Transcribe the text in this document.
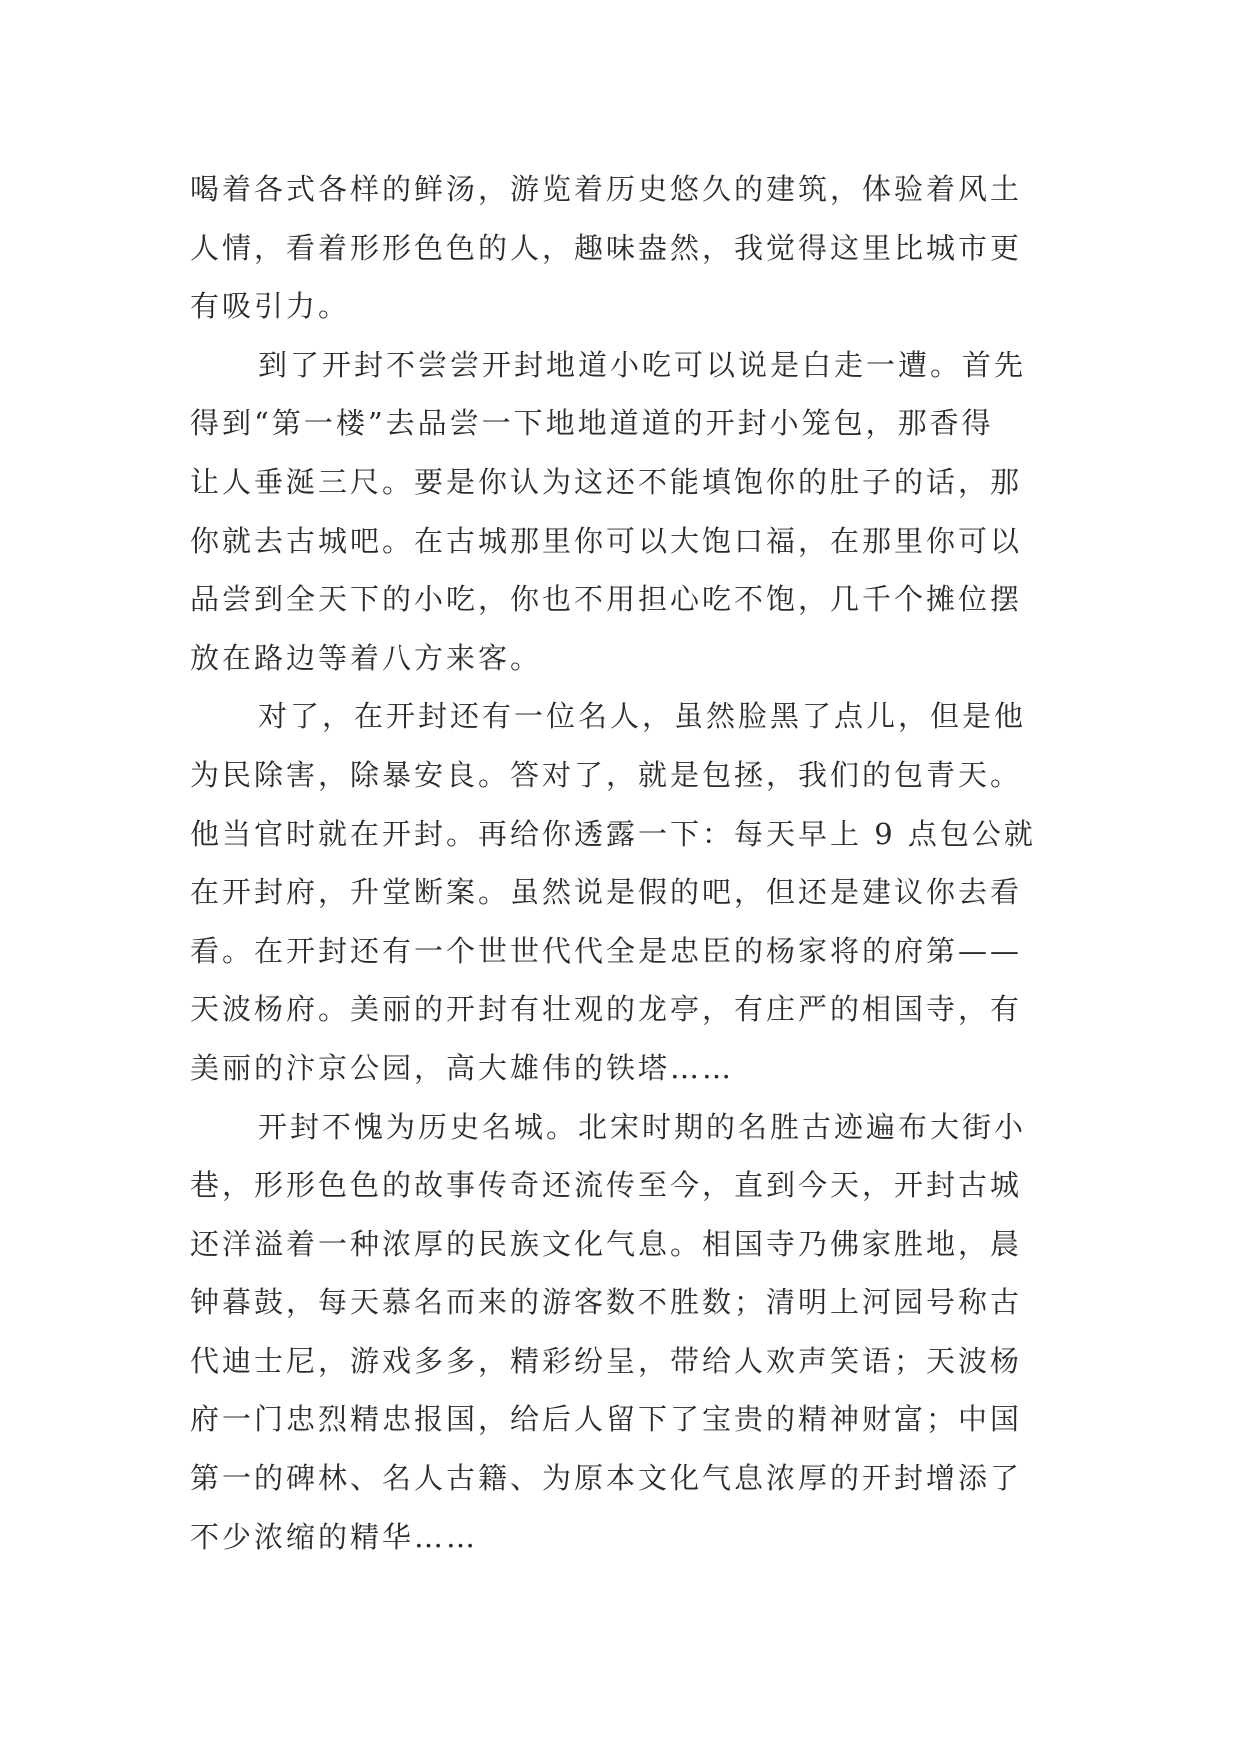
喝着各式各样的鲜汤，游览着历史悠久的建筑，体验着风土
人情，看着形形色色的人，趣味盎然，我觉得这里比城市更
有吸引力。
到了开封不尝尝开封地道小吃可以说是白走一遭。首先
得到“第一楼”去品尝一下地地道道的开封小笼包，那香得
让人垂涎三尺。要是你认为这还不能填饱你的肚子的话，那
你就去古城吧。在古城那里你可以大饱口福，在那里你可以
品尝到全天下的小吃，你也不用担心吃不饱，几千个摊位摆
放在路边等着八方来客。
对了，在开封还有一位名人，虽然脸黑了点儿，但是他
为民除害，除暴安良。答对了，就是包拯，我们的包青天。
他当官时就在开封。再给你透露一下：每天早上 9 点包公就
在开封府，升堂断案。虽然说是假的吧，但还是建议你去看
看。在开封还有一个世世代代全是忠臣的杨家将的府第——
天波杨府。美丽的开封有壮观的龙亭，有庄严的相国寺，有
美丽的汴京公园，高大雄伟的铁塔……
开封不愧为历史名城。北宋时期的名胜古迹遍布大街小
巷，形形色色的故事传奇还流传至今，直到今天，开封古城
还洋溢着一种浓厚的民族文化气息。相国寺乃佛家胜地，晨
钟暮鼓，每天慕名而来的游客数不胜数；清明上河园号称古
代迪士尼，游戏多多，精彩纷呈，带给人欢声笑语；天波杨
府一门忠烈精忠报国，给后人留下了宝贵的精神财富；中国
第一的碑林、名人古籍、为原本文化气息浓厚的开封增添了
不少浓缩的精华……
